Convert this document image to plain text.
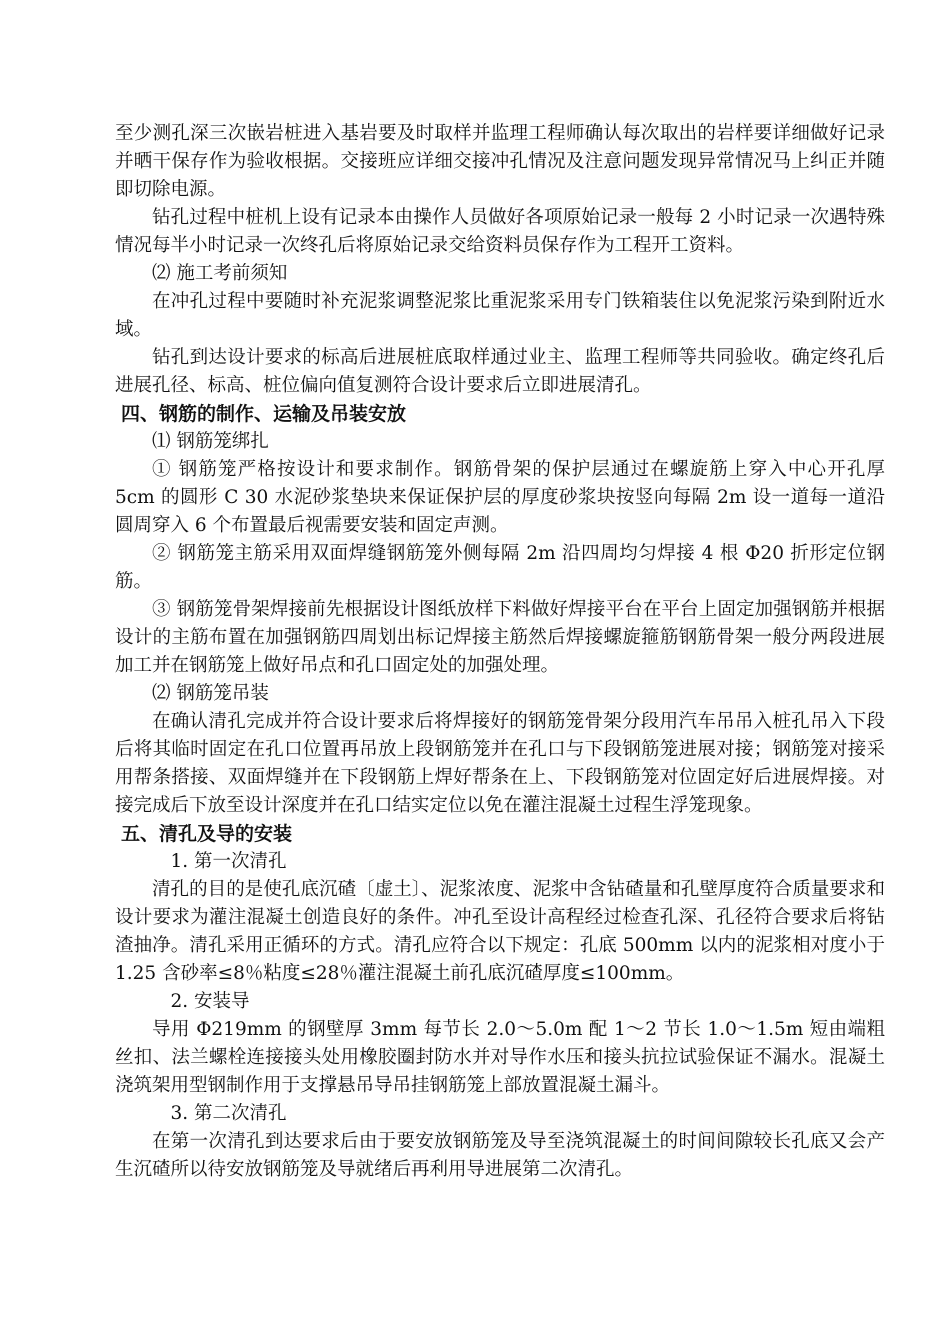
至少测孔深三次嵌岩桩进入基岩要及时取样并监理工程师确认每次取出的岩样要详细做好记录并晒干保存作为验收根据。交接班应详细交接冲孔情况及注意问题发现异常情况马上纠正并随即切除电源。

钻孔过程中桩机上设有记录本由操作人员做好各项原始记录一般每 2 小时记录一次遇特殊情况每半小时记录一次终孔后将原始记录交给资料员保存作为工程开工资料。

⑵ 施工考前须知

在冲孔过程中要随时补充泥浆调整泥浆比重泥浆采用专门铁箱装住以免泥浆污染到附近水域。

钻孔到达设计要求的标高后进展桩底取样通过业主、监理工程师等共同验收。确定终孔后进展孔径、标高、桩位偏向值复测符合设计要求后立即进展清孔。

四、钢筋的制作、运输及吊装安放

⑴ 钢筋笼绑扎

① 钢筋笼严格按设计和要求制作。钢筋骨架的保护层通过在螺旋筋上穿入中心开孔厚 5cm 的圆形 C 30 水泥砂浆垫块来保证保护层的厚度砂浆块按竖向每隔 2m 设一道每一道沿圆周穿入 6 个布置最后视需要安装和固定声测。

② 钢筋笼主筋采用双面焊缝钢筋笼外侧每隔 2m 沿四周均匀焊接 4 根 Φ20 折形定位钢筋。

③ 钢筋笼骨架焊接前先根据设计图纸放样下料做好焊接平台在平台上固定加强钢筋并根据设计的主筋布置在加强钢筋四周划出标记焊接主筋然后焊接螺旋箍筋钢筋骨架一般分两段进展加工并在钢筋笼上做好吊点和孔口固定处的加强处理。

⑵ 钢筋笼吊装

在确认清孔完成并符合设计要求后将焊接好的钢筋笼骨架分段用汽车吊吊入桩孔吊入下段后将其临时固定在孔口位置再吊放上段钢筋笼并在孔口与下段钢筋笼进展对接；钢筋笼对接采用帮条搭接、双面焊缝并在下段钢筋上焊好帮条在上、下段钢筋笼对位固定好后进展焊接。对接完成后下放至设计深度并在孔口结实定位以免在灌注混凝土过程生浮笼现象。

五、清孔及导的安装

1. 第一次清孔

清孔的目的是使孔底沉碴〔虚土〕、泥浆浓度、泥浆中含钻碴量和孔壁厚度符合质量要求和设计要求为灌注混凝土创造良好的条件。冲孔至设计高程经过检查孔深、孔径符合要求后将钻渣抽净。清孔采用正循环的方式。清孔应符合以下规定：孔底 500mm 以内的泥浆相对度小于 1.25 含砂率≤8％粘度≤28％灌注混凝土前孔底沉碴厚度≤100mm。

2. 安装导

导用 Φ219mm 的钢壁厚 3mm 每节长 2.0～5.0m 配 1～2 节长 1.0～1.5m 短由端粗丝扣、法兰螺栓连接接头处用橡胶圈封防水并对导作水压和接头抗拉试验保证不漏水。混凝土浇筑架用型钢制作用于支撑悬吊导吊挂钢筋笼上部放置混凝土漏斗。

3. 第二次清孔

在第一次清孔到达要求后由于要安放钢筋笼及导至浇筑混凝土的时间间隙较长孔底又会产生沉碴所以待安放钢筋笼及导就绪后再利用导进展第二次清孔。
